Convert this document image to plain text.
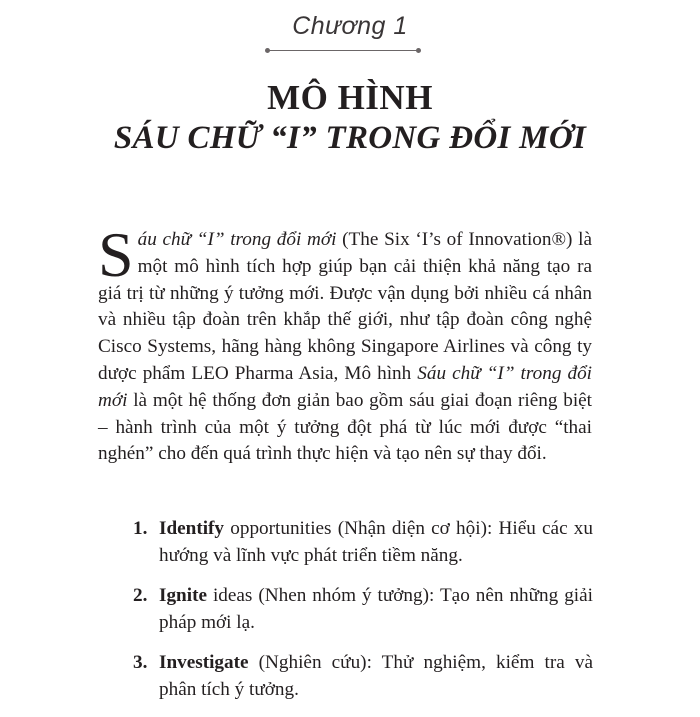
Chương 1
MÔ HÌNH
SÁU CHỮ “I” TRONG ĐỔI MỚI
Sáu chữ “I” trong đổi mới (The Six ‘I’s of Innovation®) là một mô hình tích hợp giúp bạn cải thiện khả năng tạo ra giá trị từ những ý tưởng mới. Được vận dụng bởi nhiều cá nhân và nhiều tập đoàn trên khắp thế giới, như tập đoàn công nghệ Cisco Systems, hãng hàng không Singapore Airlines và công ty dược phẩm LEO Pharma Asia, Mô hình Sáu chữ “I” trong đổi mới là một hệ thống đơn giản bao gồm sáu giai đoạn riêng biệt – hành trình của một ý tưởng đột phá từ lúc mới được “thai nghén” cho đến quá trình thực hiện và tạo nên sự thay đổi.
1. Identify opportunities (Nhận diện cơ hội): Hiểu các xu hướng và lĩnh vực phát triển tiềm năng.
2. Ignite ideas (Nhen nhóm ý tưởng): Tạo nên những giải pháp mới lạ.
3. Investigate (Nghiên cứu): Thử nghiệm, kiểm tra và phân tích ý tưởng.
